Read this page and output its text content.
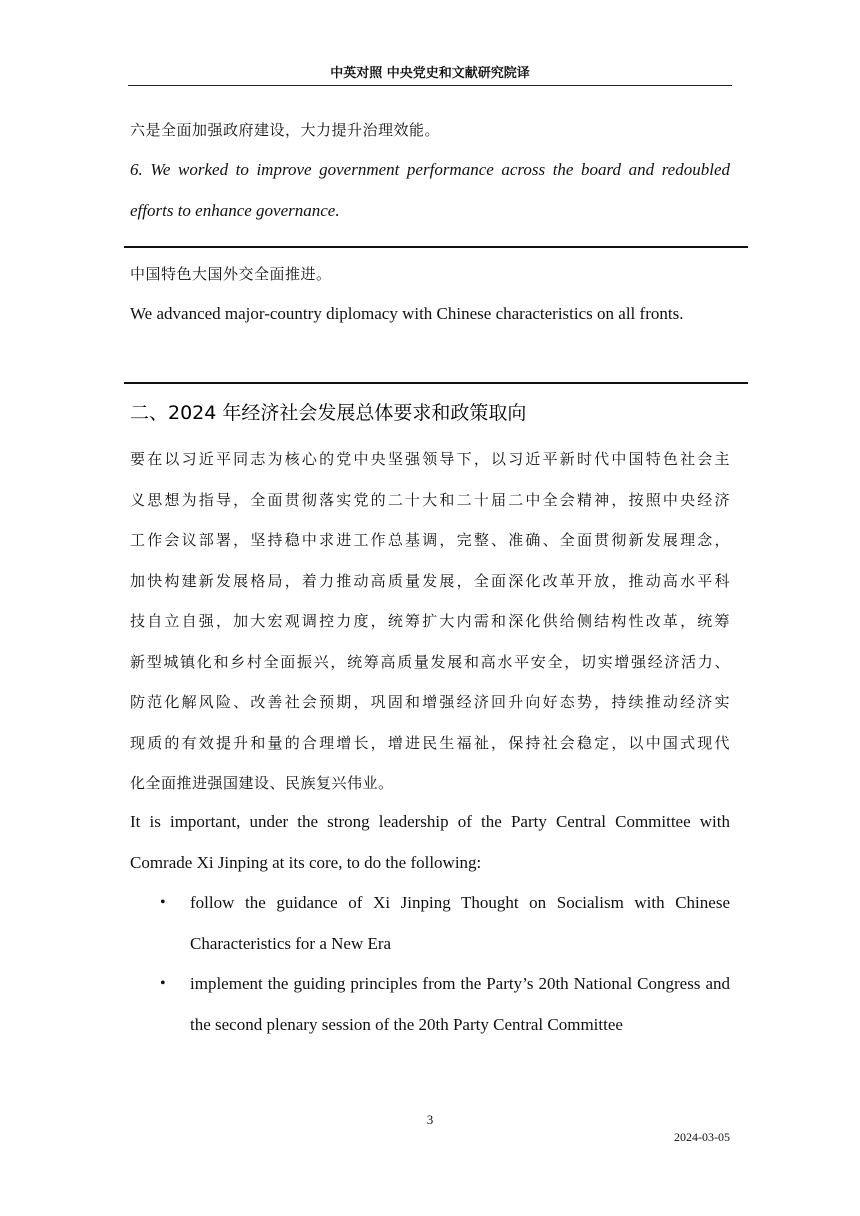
中英对照 中央党史和文献研究院译
六是全面加强政府建设，大力提升治理效能。
6. We worked to improve government performance across the board and redoubled efforts to enhance governance.
中国特色大国外交全面推进。
We advanced major-country diplomacy with Chinese characteristics on all fronts.
二、2024 年经济社会发展总体要求和政策取向
要在以习近平同志为核心的党中央坚强领导下，以习近平新时代中国特色社会主
义思想为指导，全面贯彻落实党的二十大和二十届二中全会精神，按照中央经济
工作会议部署，坚持稳中求进工作总基调，完整、准确、全面贯彻新发展理念，
加快构建新发展格局，着力推动高质量发展，全面深化改革开放，推动高水平科
技自立自强，加大宏观调控力度，统筹扩大内需和深化供给侧结构性改革，统筹
新型城镇化和乡村全面振兴，统筹高质量发展和高水平安全，切实增强经济活力、
防范化解风险、改善社会预期，巩固和增强经济回升向好态势，持续推动经济实
现质的有效提升和量的合理增长，增进民生福祉，保持社会稳定，以中国式现代
化全面推进强国建设、民族复兴伟业。
It is important, under the strong leadership of the Party Central Committee with Comrade Xi Jinping at its core, to do the following:
• follow the guidance of Xi Jinping Thought on Socialism with Chinese Characteristics for a New Era
• implement the guiding principles from the Party’s 20th National Congress and the second plenary session of the 20th Party Central Committee
3
2024-03-05
